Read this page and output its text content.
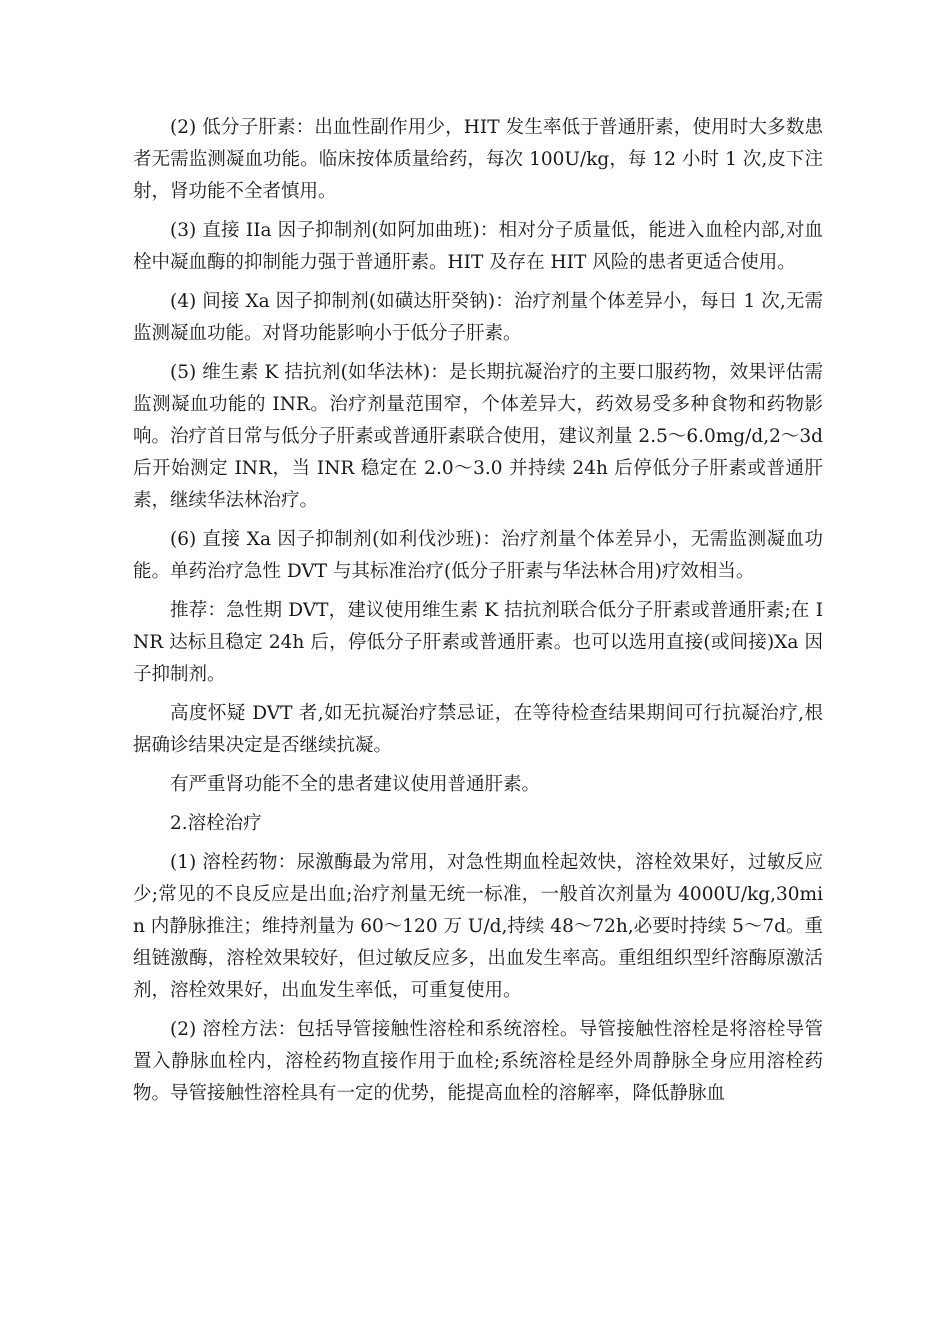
(2) 低分子肝素：出血性副作用少，HIT 发生率低于普通肝素，使用时大多数患者无需监测凝血功能。临床按体质量给药，每次 100U/kg，每 12 小时 1 次,皮下注射，肾功能不全者慎用。

(3) 直接 IIa 因子抑制剂(如阿加曲班)：相对分子质量低，能进入血栓内部,对血栓中凝血酶的抑制能力强于普通肝素。HIT 及存在 HIT 风险的患者更适合使用。

(4) 间接 Xa 因子抑制剂(如磺达肝癸钠)：治疗剂量个体差异小，每日 1 次,无需监测凝血功能。对肾功能影响小于低分子肝素。

(5) 维生素 K 拮抗剂(如华法林)：是长期抗凝治疗的主要口服药物，效果评估需监测凝血功能的 INR。治疗剂量范围窄，个体差异大，药效易受多种食物和药物影响。治疗首日常与低分子肝素或普通肝素联合使用，建议剂量 2.5～6.0mg/d,2～3d 后开始测定 INR，当 INR 稳定在 2.0～3.0 并持续 24h 后停低分子肝素或普通肝素，继续华法林治疗。

(6) 直接 Xa 因子抑制剂(如利伐沙班)：治疗剂量个体差异小，无需监测凝血功能。单药治疗急性 DVT 与其标准治疗(低分子肝素与华法林合用)疗效相当。

推荐：急性期 DVT，建议使用维生素 K 拮抗剂联合低分子肝素或普通肝素;在 INR 达标且稳定 24h 后，停低分子肝素或普通肝素。也可以选用直接(或间接)Xa 因子抑制剂。

高度怀疑 DVT 者,如无抗凝治疗禁忌证，在等待检查结果期间可行抗凝治疗,根据确诊结果决定是否继续抗凝。

有严重肾功能不全的患者建议使用普通肝素。

2.溶栓治疗

(1) 溶栓药物：尿激酶最为常用，对急性期血栓起效快，溶栓效果好，过敏反应少;常见的不良反应是出血;治疗剂量无统一标准，一般首次剂量为 4000U/kg,30min 内静脉推注；维持剂量为 60～120 万 U/d,持续 48～72h,必要时持续 5～7d。重组链激酶，溶栓效果较好，但过敏反应多，出血发生率高。重组组织型纤溶酶原激活剂，溶栓效果好，出血发生率低，可重复使用。

(2) 溶栓方法：包括导管接触性溶栓和系统溶栓。导管接触性溶栓是将溶栓导管置入静脉血栓内，溶栓药物直接作用于血栓;系统溶栓是经外周静脉全身应用溶栓药物。导管接触性溶栓具有一定的优势，能提高血栓的溶解率，降低静脉血
